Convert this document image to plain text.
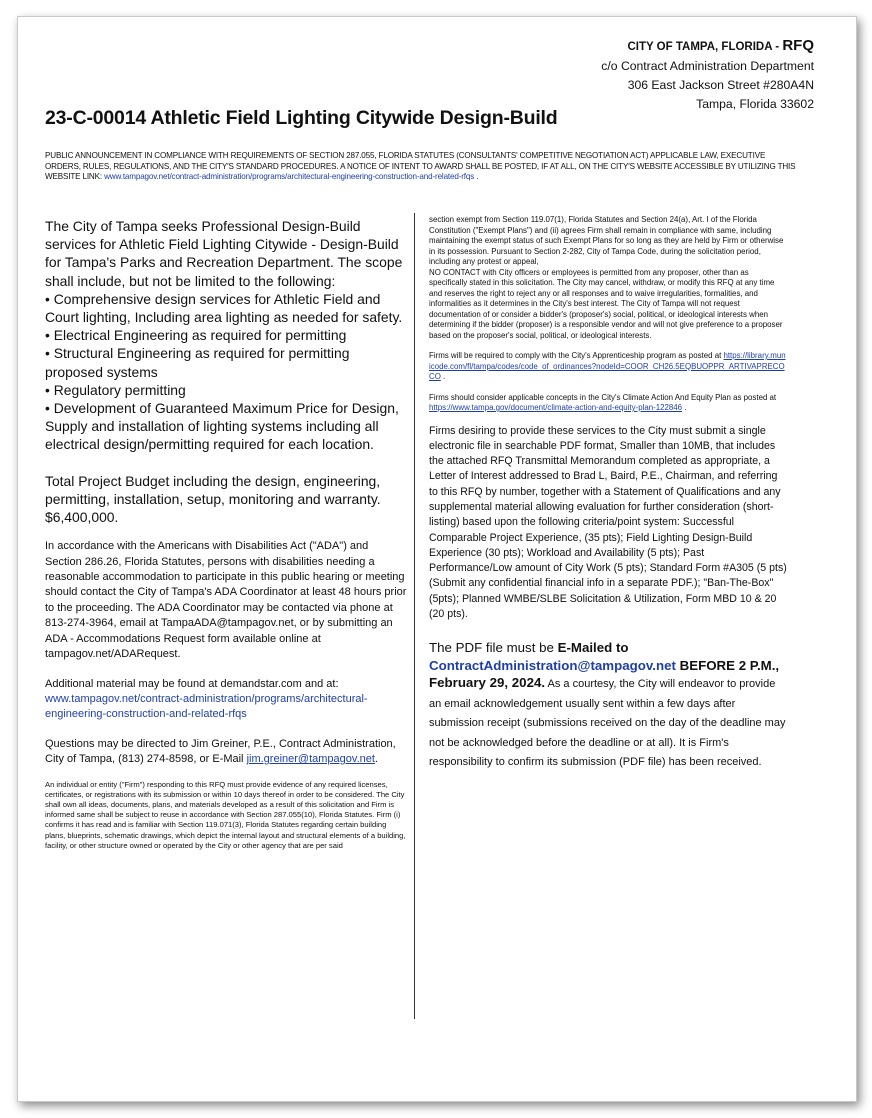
CITY OF TAMPA, FLORIDA - RFQ
c/o Contract Administration Department
306 East Jackson Street #280A4N
Tampa, Florida 33602
23-C-00014 Athletic Field Lighting Citywide Design-Build
PUBLIC ANNOUNCEMENT IN COMPLIANCE WITH REQUIREMENTS OF SECTION 287.055, FLORIDA STATUTES (CONSULTANTS' COMPETITIVE NEGOTIATION ACT) APPLICABLE LAW, EXECUTIVE ORDERS, RULES, REGULATIONS, AND THE CITY'S STANDARD PROCEDURES. A NOTICE OF INTENT TO AWARD SHALL BE POSTED, IF AT ALL, ON THE CITY'S WEBSITE ACCESSIBLE BY UTILIZING THIS WEBSITE LINK: www.tampagov.net/contract-administration/programs/architectural-engineering-construction-and-related-rfqs .

The City of Tampa seeks Professional Design-Build services for Athletic Field Lighting Citywide - Design-Build for Tampa's Parks and Recreation Department. The scope shall include, but not be limited to the following:

• Comprehensive design services for Athletic Field and Court lighting, Including area lighting as needed for safety.

• Electrical Engineering as required for permitting

• Structural Engineering as required for permitting proposed systems

• Regulatory permitting

• Development of Guaranteed Maximum Price for Design, Supply and installation of lighting systems including all electrical design/permitting required for each location.

Total Project Budget including the design, engineering, permitting, installation, setup, monitoring and warranty. $6,400,000.

In accordance with the Americans with Disabilities Act ("ADA") and Section 286.26, Florida Statutes, persons with disabilities needing a reasonable accommodation to participate in this public hearing or meeting should contact the City of Tampa's ADA Coordinator at least 48 hours prior to the proceeding. The ADA Coordinator may be contacted via phone at 813-274-3964, email at TampaADA@tampagov.net, or by submitting an ADA - Accommodations Request form available online at tampagov.net/ADARequest.

Additional material may be found at demandstar.com and at: www.tampagov.net/contract-administration/programs/architectural-engineering-construction-and-related-rfqs

Questions may be directed to Jim Greiner, P.E., Contract Administration, City of Tampa, (813) 274-8598, or E-Mail jim.greiner@tampagov.net.

An individual or entity ("Firm") responding to this RFQ must provide evidence of any required licenses, certificates, or registrations with its submission or within 10 days thereof in order to be considered. The City shall own all ideas, documents, plans, and materials developed as a result of this solicitation and Firm is informed same shall be subject to reuse in accordance with Section 287.055(10), Florida Statutes. Firm (i) confirms it has read and is familiar with Section 119.071(3), Florida Statutes regarding certain building plans, blueprints, schematic drawings, which depict the internal layout and structural elements of a building, facility, or other structure owned or operated by the City or other agency that are per said

section exempt from Section 119.07(1), Florida Statutes and Section 24(a), Art. I of the Florida Constitution ("Exempt Plans") and (ii) agrees Firm shall remain in compliance with same, including maintaining the exempt status of such Exempt Plans for so long as they are held by Firm or otherwise in its possession. Pursuant to Section 2-282, City of Tampa Code, during the solicitation period, including any protest or appeal,

NO CONTACT with City officers or employees is permitted from any proposer, other than as specifically stated in this solicitation. The City may cancel, withdraw, or modify this RFQ at any time and reserves the right to reject any or all responses and to waive irregularities, formalities, and informalities as it determines in the City's best interest. The City of Tampa will not request documentation of or consider a bidder's (proposer's) social, political, or ideological interests when determining if the bidder (proposer) is a responsible vendor and will not give preference to a proposer based on the proposer's social, political, or ideological interests.

Firms will be required to comply with the City's Apprenticeship program as posted at https://library.municode.com/fl/tampa/codes/code_of_ordinances?nodeId=COOR_CH26.5EQBUOPPR_ARTIVAPRECOCO .

Firms should consider applicable concepts in the City's Climate Action And Equity Plan as posted at https://www.tampa.gov/document/climate-action-and-equity-plan-122846 .

Firms desiring to provide these services to the City must submit a single electronic file in searchable PDF format, Smaller than 10MB, that includes the attached RFQ Transmittal Memorandum completed as appropriate, a Letter of Interest addressed to Brad L, Baird, P.E., Chairman, and referring to this RFQ by number, together with a Statement of Qualifications and any supplemental material allowing evaluation for further consideration (short-listing) based upon the following criteria/point system: Successful Comparable Project Experience, (35 pts); Field Lighting Design-Build Experience (30 pts); Workload and Availability (5 pts); Past Performance/Low amount of City Work (5 pts); Standard Form #A305 (5 pts)(Submit any confidential financial info in a separate PDF.); "Ban-The-Box" (5pts); Planned WMBE/SLBE Solicitation & Utilization, Form MBD 10 & 20 (20 pts).

The PDF file must be E-Mailed to
ContractAdministration@tampagov.net BEFORE 2 P.M., February 29, 2024. As a courtesy, the City will endeavor to provide an email acknowledgement usually sent within a few days after submission receipt (submissions received on the day of the deadline may not be acknowledged before the deadline or at all). It is Firm's responsibility to confirm its submission (PDF file) has been received.
